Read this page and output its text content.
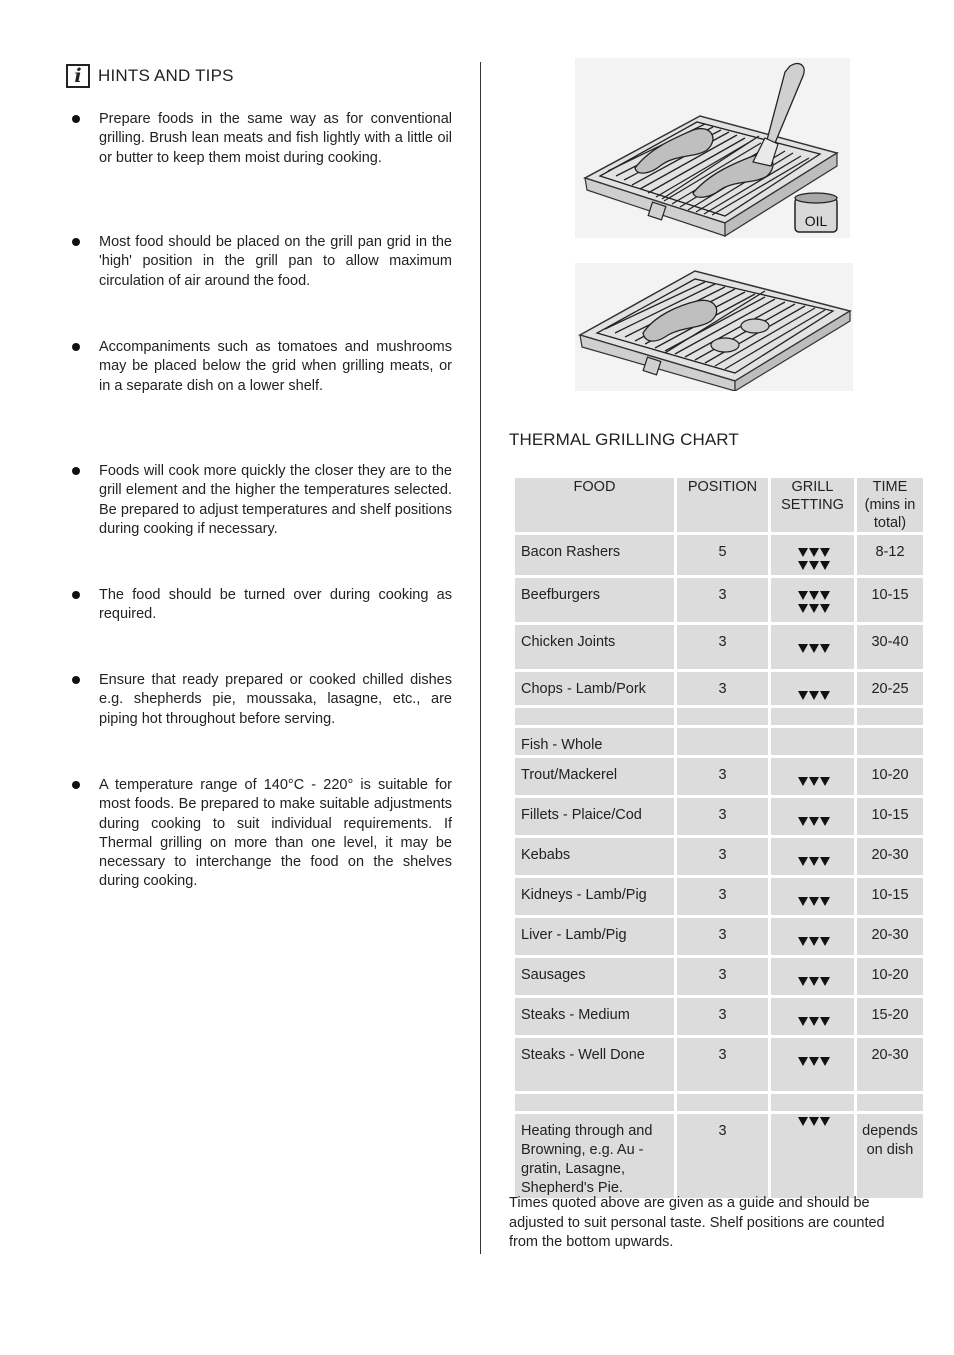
i HINTS AND TIPS
Prepare foods in the same way as for conventional grilling. Brush lean meats and fish lightly with a little oil or butter to keep them moist during cooking.
Most food should be placed on the grill pan grid in the 'high' position in the grill pan to allow maximum circulation of air around the food.
Accompaniments such as tomatoes and mushrooms may be placed below the grid when grilling meats, or in a separate dish on a lower shelf.
Foods will cook more quickly the closer they are to the grill element and the higher the temperatures selected. Be prepared to adjust temperatures and shelf positions during cooking if necessary.
The food should be turned over during cooking as required.
Ensure that ready prepared or cooked chilled dishes e.g. shepherds pie, moussaka, lasagne, etc., are piping hot throughout before serving.
A temperature range of 140°C - 220° is suitable for most foods. Be prepared to make suitable adjustments during cooking to suit individual requirements. If Thermal grilling on more than one level, it may be necessary to interchange the food on the shelves during cooking.
OIL
THERMAL GRILLING CHART
FOOD	POSITION	GRILL SETTING	TIME (mins in total)
Bacon Rashers	5		8-12
Beefburgers	3		10-15
Chicken Joints	3		30-40
Chops - Lamb/Pork	3		20-25

Fish - Whole			
Trout/Mackerel	3		10-20
Fillets - Plaice/Cod	3		10-15
Kebabs	3		20-30
Kidneys - Lamb/Pig	3		10-15
Liver - Lamb/Pig	3		20-30
Sausages	3		10-20
Steaks - Medium	3		15-20
Steaks - Well Done	3		20-30

Heating through and Browning, e.g. Au - gratin, Lasagne, Shepherd's Pie.	3		depends on dish
Times quoted above are given as a guide and should be adjusted to suit personal taste. Shelf positions are counted from the bottom upwards.
